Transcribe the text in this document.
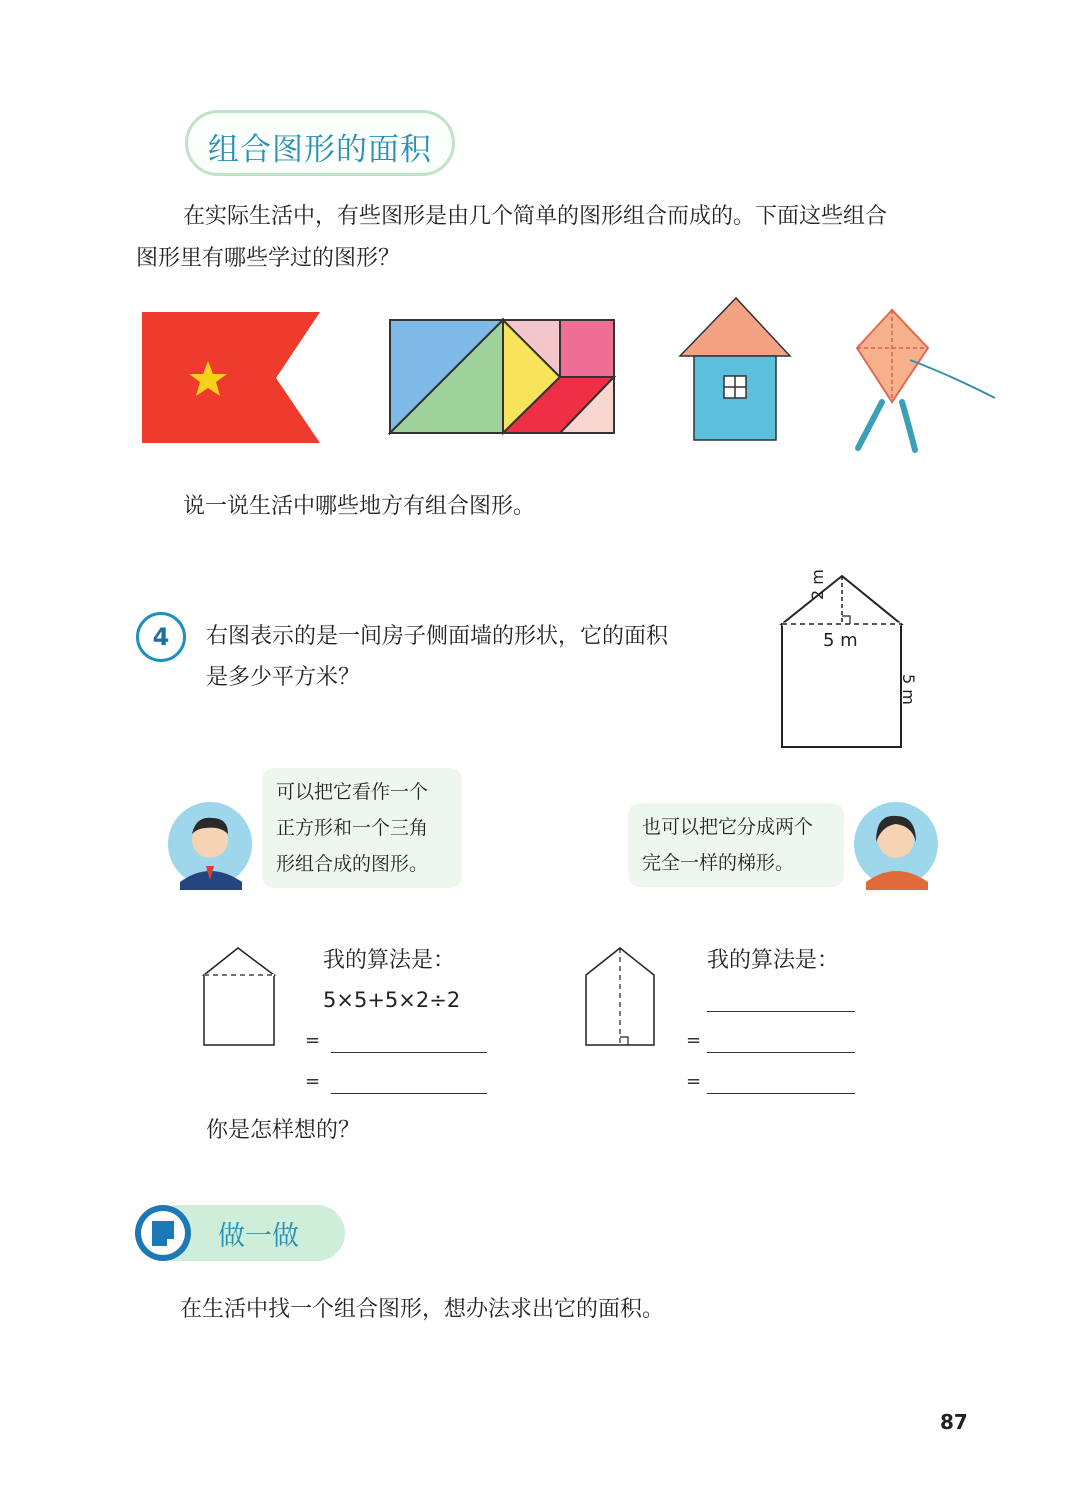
组合图形的面积
在实际生活中，有些图形是由几个简单的图形组合而成的。下面这些组合
图形里有哪些学过的图形？
说一说生活中哪些地方有组合图形。
4	右图表示的是一间房子侧面墙的形状，它的面积
是多少平方米？
2 m
5 m
5 m
可以把它看作一个
正方形和一个三角
形组合成的图形。
也可以把它分成两个
完全一样的梯形。
我的算法是：
5×5+5×2÷2
=
=
我的算法是：
=
=
你是怎样想的？
做一做
在生活中找一个组合图形，想办法求出它的面积。
87
